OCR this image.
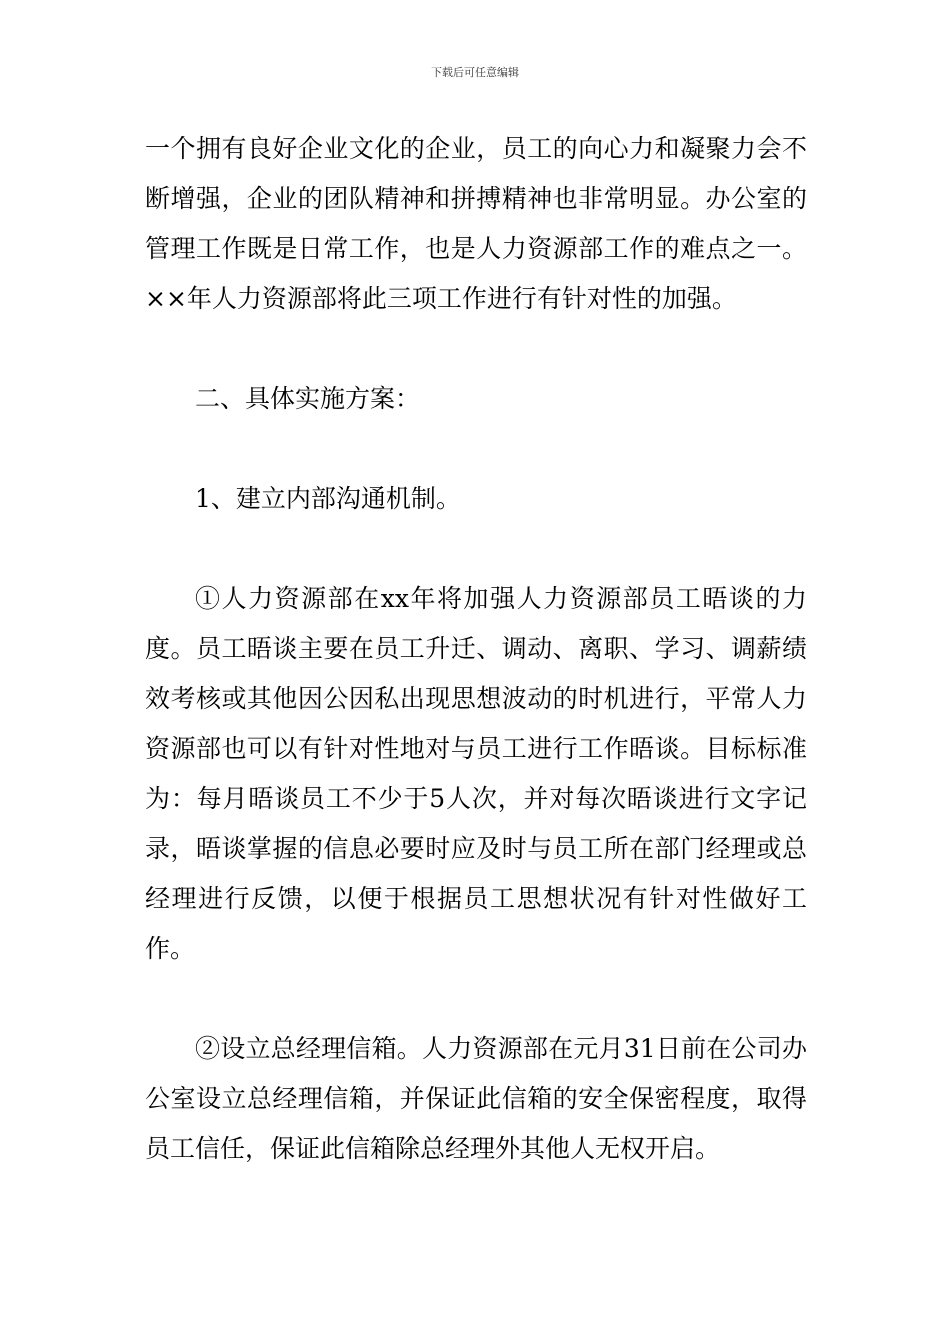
下载后可任意编辑

一个拥有良好企业文化的企业，员工的向心力和凝聚力会不断增强，企业的团队精神和拼搏精神也非常明显。办公室的管理工作既是日常工作，也是人力资源部工作的难点之一。××年人力资源部将此三项工作进行有针对性的加强。

二、具体实施方案：

1、建立内部沟通机制。

①人力资源部在xx年将加强人力资源部员工晤谈的力度。员工晤谈主要在员工升迁、调动、离职、学习、调薪绩效考核或其他因公因私出现思想波动的时机进行，平常人力资源部也可以有针对性地对与员工进行工作晤谈。目标标准为：每月晤谈员工不少于5人次，并对每次晤谈进行文字记录，晤谈掌握的信息必要时应及时与员工所在部门经理或总经理进行反馈，以便于根据员工思想状况有针对性做好工作。

②设立总经理信箱。人力资源部在元月31日前在公司办公室设立总经理信箱，并保证此信箱的安全保密程度，取得员工信任，保证此信箱除总经理外其他人无权开启。
